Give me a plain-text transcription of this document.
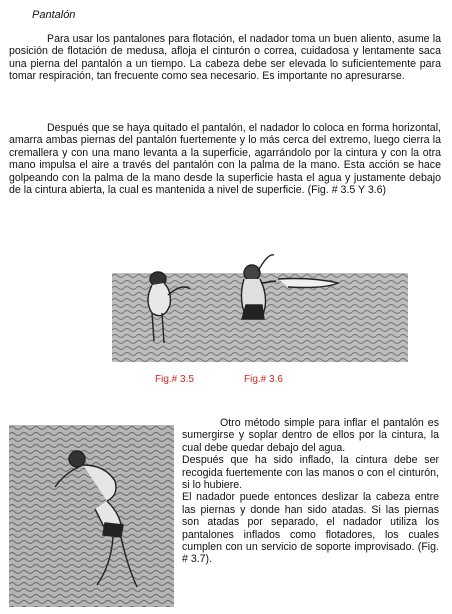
Pantalón

Para usar los pantalones para flotación, el nadador toma un buen aliento, asume la posición de flotación de medusa, afloja el cinturón o correa, cuidadosa y lentamente saca una pierna del pantalón a un tiempo. La cabeza debe ser elevada lo suficientemente para tomar respiración, tan frecuente como sea necesario. Es importante no apresurarse.

Después que se haya quitado el pantalón, el nadador lo coloca en forma horizontal, amarra ambas piernas del pantalón fuertemente y lo más cerca del extremo, luego cierra la cremallera y con una mano levanta a la superficie, agarrándolo por la cintura y con la otra mano impulsa el aire a través del pantalón con la palma de la mano. Esta acción se hace golpeando con la palma de la mano desde la superficie hasta el agua y justamente debajo de la cintura abierta, la cual es mantenida a nivel de superficie. (Fig. # 3.5 Y 3.6)

Fig.# 3.5	Fig.# 3.6
Otro método simple para inflar el pantalón es sumergirse y soplar dentro de ellos por la cintura, la cual debe quedar debajo del agua.
Después que ha sido inflado, la cintura debe ser recogida fuertemente con las manos o con el cinturón, si lo hubiere.
El nadador puede entonces deslizar la cabeza entre las piernas y donde han sido atadas. Si las piernas son atadas por separado, el nadador utiliza los pantalones inflados como flotadores, los cuales cumplen con un servicio de soporte improvisado. (Fig. # 3.7).
